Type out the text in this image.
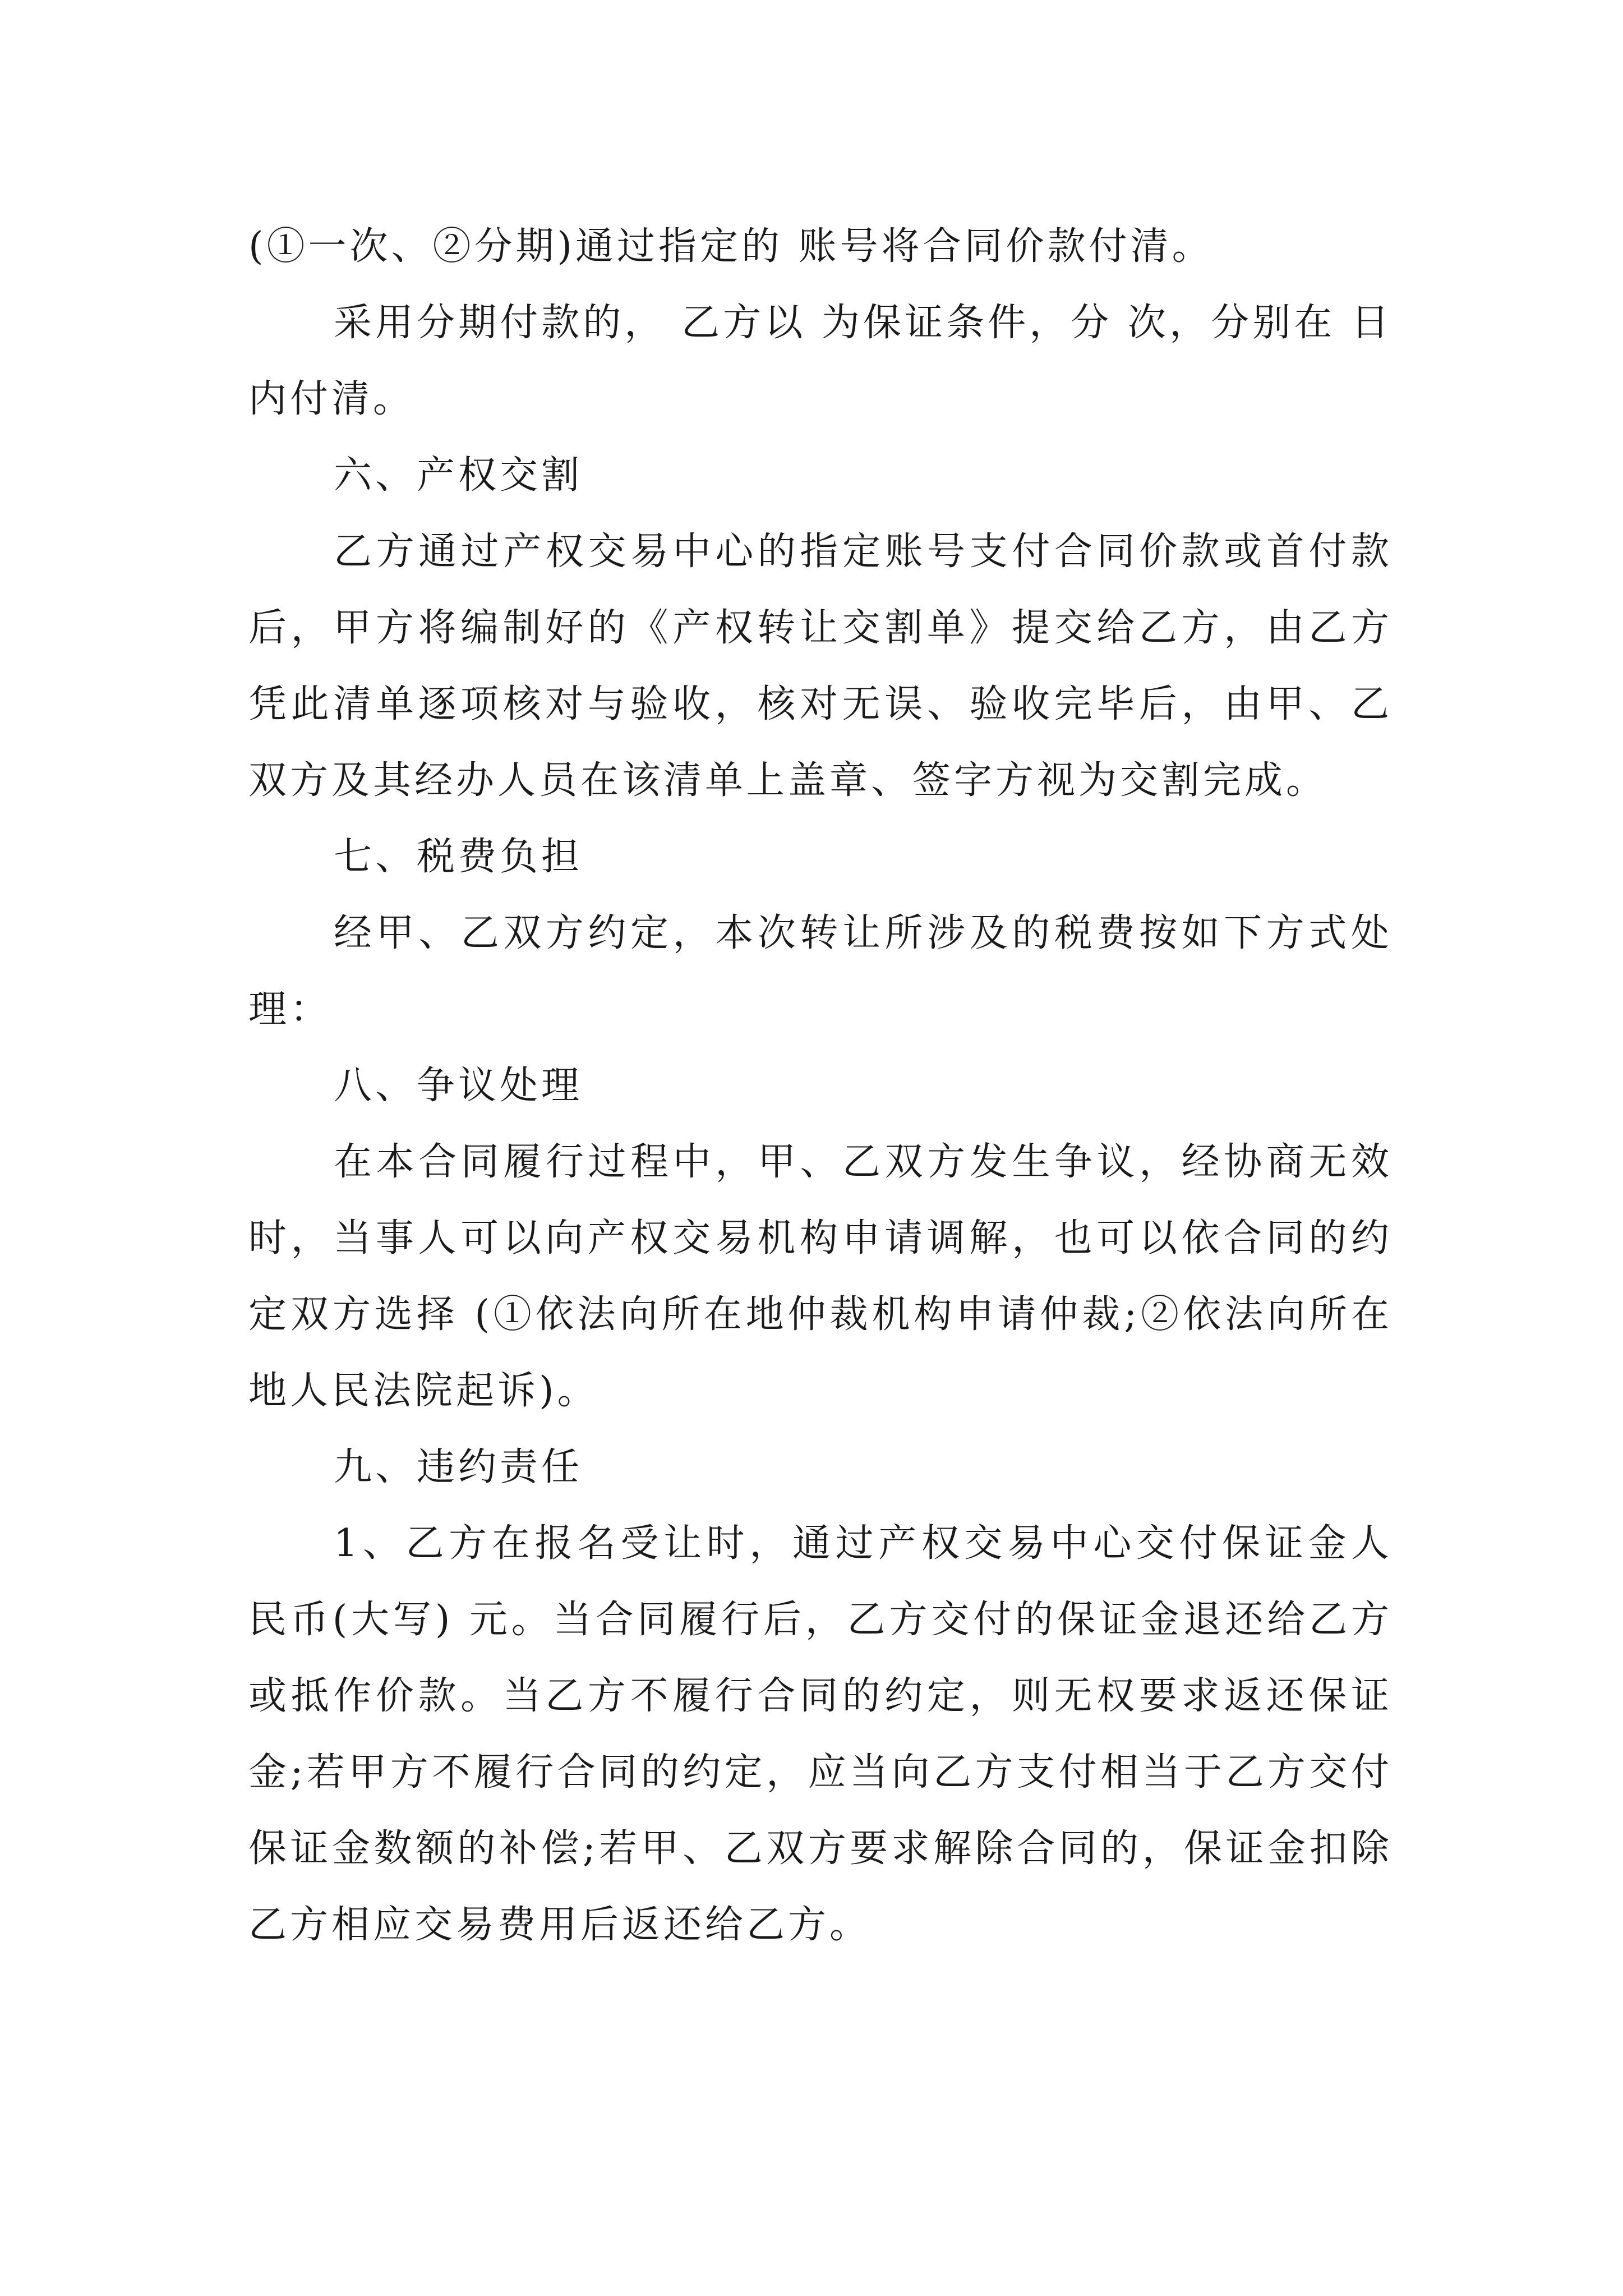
(①一次、②分期)通过指定的 账号将合同价款付清。

采用分期付款的， 乙方以 为保证条件，分 次，分别在 日内付清。

六、产权交割

乙方通过产权交易中心的指定账号支付合同价款或首付款后，甲方将编制好的《产权转让交割单》提交给乙方，由乙方凭此清单逐项核对与验收，核对无误、验收完毕后，由甲、乙双方及其经办人员在该清单上盖章、签字方视为交割完成。

七、税费负担

经甲、乙双方约定，本次转让所涉及的税费按如下方式处理：

八、争议处理

在本合同履行过程中，甲、乙双方发生争议，经协商无效时，当事人可以向产权交易机构申请调解，也可以依合同的约定双方选择 (①依法向所在地仲裁机构申请仲裁;②依法向所在地人民法院起诉)。

九、违约责任

1、乙方在报名受让时，通过产权交易中心交付保证金人民币(大写) 元。当合同履行后，乙方交付的保证金退还给乙方或抵作价款。当乙方不履行合同的约定，则无权要求返还保证金;若甲方不履行合同的约定，应当向乙方支付相当于乙方交付保证金数额的补偿;若甲、乙双方要求解除合同的，保证金扣除乙方相应交易费用后返还给乙方。
